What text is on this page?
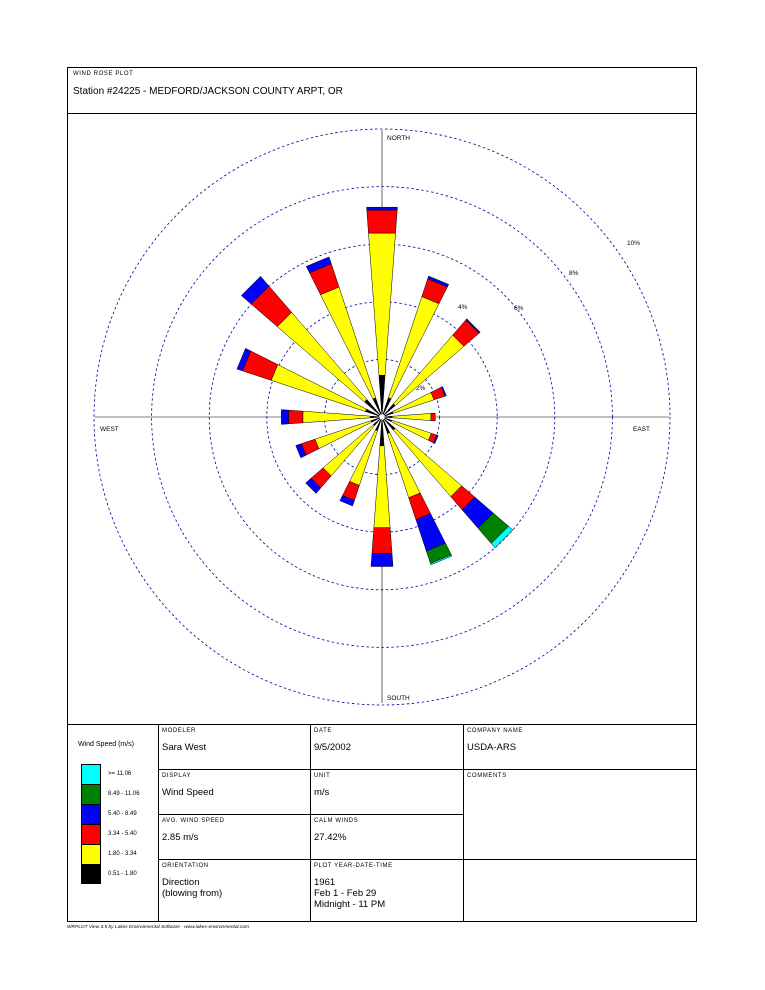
WIND ROSE PLOT
Station #24225 - MEDFORD/JACKSON COUNTY ARPT, OR
2%
4%	6%
8%
10%
NORTH
SOUTH
EAST
WEST
Wind Speed (m/s)
>= 11.06
8.49 - 11.06
5.40 - 8.49
3.34 - 5.40
1.80 - 3.34
0.51 - 1.80
MODELER
Sara West
DATE
9/5/2002
COMPANY NAME
USDA-ARS
DISPLAY
Wind Speed
UNIT
m/s
COMMENTS
AVG. WIND SPEED
2.85 m/s
CALM WINDS
27.42%
ORIENTATION
Direction
(blowing from)
PLOT YEAR-DATE-TIME
1961
Feb 1 - Feb 29
Midnight - 11 PM
WRPLOT View 3.5 by Lakes Environmental Software - www.lakes-environmental.com
